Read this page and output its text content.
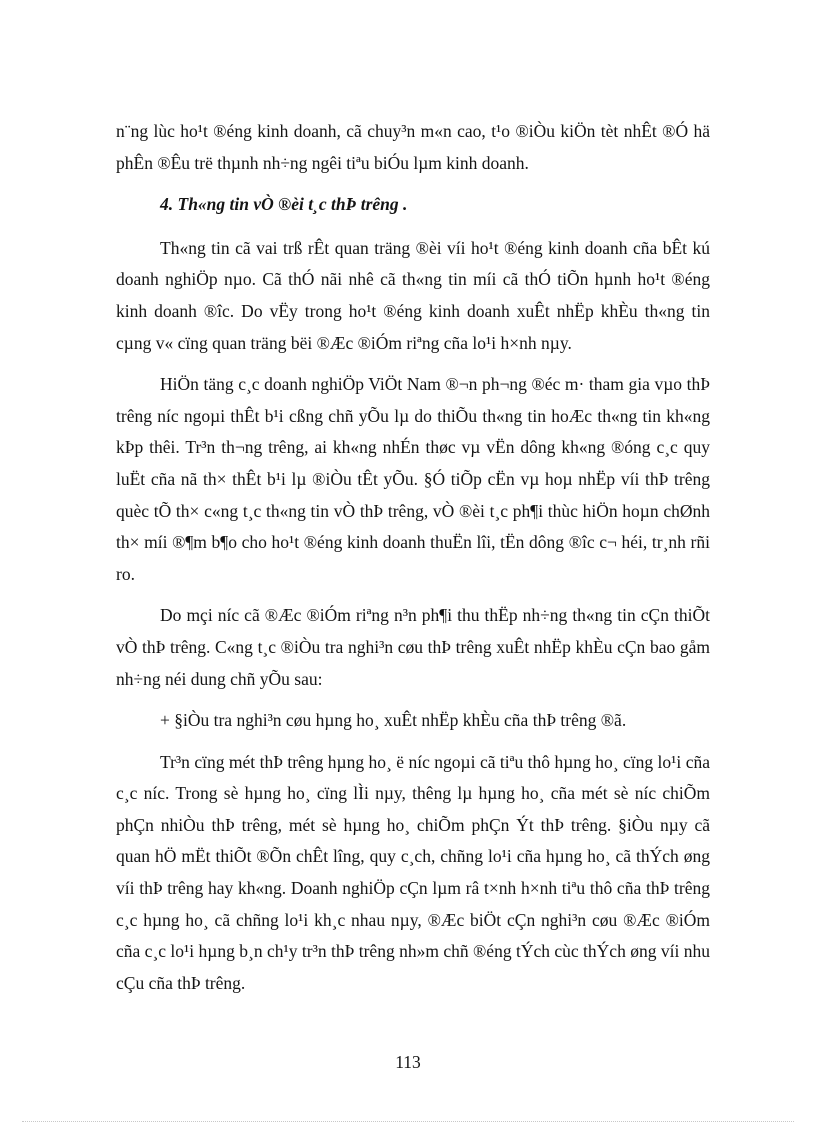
n¨ng lùc ho¹t ®éng kinh doanh, cã chuy³n m«n cao, t¹o ®iÒu kiÖn tèt nhÊt ®Ó hä phÊn ®Êu trë thµnh nh÷ng ngêi tiªu biÓu lµm kinh doanh.

4. Th«ng tin vÒ ®èi t¸c thÞ trêng .

Th«ng tin cã vai trß rÊt quan träng ®èi víi ho¹t ®éng kinh doanh cña bÊt kú doanh nghiÖp nµo. Cã thÓ nãi nhê cã th«ng tin míi cã thÓ tiÕn hµnh ho¹t ®éng kinh doanh ®îc. Do vËy trong ho¹t ®éng kinh doanh xuÊt nhËp khÈu th«ng tin cµng v« cïng quan träng bëi ®Æc ®iÓm riªng cña lo¹i h×nh nµy.

HiÖn täng c¸c doanh nghiÖp ViÖt Nam ®¬n ph¬ng ®éc m· tham gia vµo thÞ trêng níc ngoµi thÊt b¹i cßng chñ yÕu lµ do thiÕu th«ng tin hoÆc th«ng tin kh«ng kÞp thêi. Tr³n th¬ng trêng, ai kh«ng nhÉn thøc vµ vËn dông kh«ng ®óng c¸c quy luËt cña nã th× thÊt b¹i lµ ®iÒu tÊt yÕu. §Ó tiÕp cËn vµ hoµ nhËp víi thÞ trêng quèc tÕ th× c«ng t¸c th«ng tin vÒ thÞ trêng, vÒ ®èi t¸c ph¶i thùc hiÖn hoµn chØnh th× míi ®¶m b¶o cho ho¹t ®éng kinh doanh thuËn lîi, tËn dông ®îc c¬ héi, tr¸nh rñi ro.

Do mçi níc cã ®Æc ®iÓm riªng n³n ph¶i thu thËp nh÷ng th«ng tin cÇn thiÕt vÒ thÞ trêng. C«ng t¸c ®iÒu tra nghi³n cøu thÞ trêng xuÊt nhËp khÈu cÇn bao gåm nh÷ng néi dung chñ yÕu sau:

+ §iÒu tra nghi³n cøu hµng ho¸ xuÊt nhËp khÈu cña thÞ trêng ®ã.

Tr³n cïng mét thÞ trêng hµng ho¸ ë níc ngoµi cã tiªu thô hµng ho¸ cïng lo¹i cña c¸c níc. Trong sè hµng ho¸ cïng lÌi nµy, thêng lµ hµng ho¸ cña mét sè níc chiÕm phÇn nhiÒu thÞ trêng, mét sè hµng ho¸ chiÕm phÇn Ýt thÞ trêng. §iÒu nµy cã quan hÖ mËt thiÕt ®Õn chÊt lîng, quy c¸ch, chñng lo¹i cña hµng ho¸ cã thÝch øng víi thÞ trêng hay kh«ng. Doanh nghiÖp cÇn lµm râ t×nh h×nh tiªu thô cña thÞ trêng c¸c hµng ho¸ cã chñng lo¹i kh¸c nhau nµy, ®Æc biÖt cÇn nghi³n cøu ®Æc ®iÓm cña c¸c lo¹i hµng b¸n ch¹y tr³n thÞ trêng nh»m chñ ®éng tÝch cùc thÝch øng víi nhu cÇu cña thÞ trêng.

113
